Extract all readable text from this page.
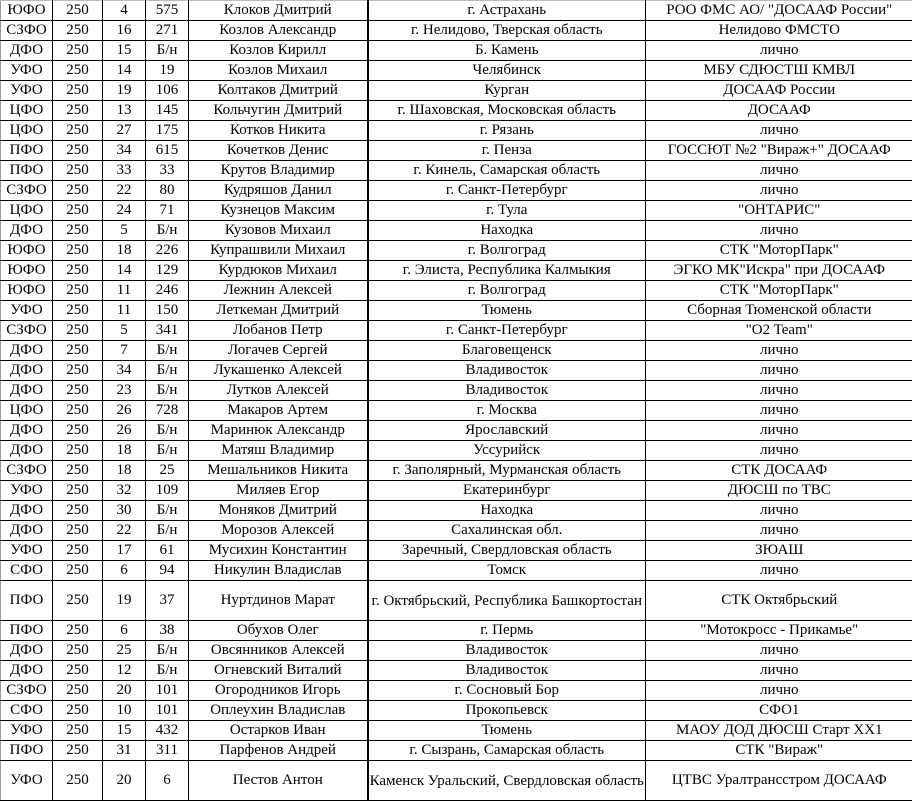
ЮФО	250	4	575	Клоков Дмитрий	г. Астрахань	РОО ФМС АО/ "ДОСААФ России"
СЗФО	250	16	271	Козлов Александр	г. Нелидово, Тверская область	Нелидово ФМСТО
ДФО	250	15	Б/н	Козлов Кирилл	Б. Камень	лично
УФО	250	14	19	Козлов Михаил	Челябинск	МБУ СДЮСТШ КМВЛ
УФО	250	19	106	Колтаков Дмитрий	Курган	ДОСААФ России
ЦФО	250	13	145	Кольчугин Дмитрий	г. Шаховская, Московская область	ДОСААФ
ЦФО	250	27	175	Котков Никита	г. Рязань	лично
ПФО	250	34	615	Кочетков Денис	г. Пенза	ГОССЮТ №2 "Вираж+" ДОСААФ
ПФО	250	33	33	Крутов Владимир	г. Кинель, Самарская область	лично
СЗФО	250	22	80	Кудряшов Данил	г. Санкт-Петербург	лично
ЦФО	250	24	71	Кузнецов Максим	г. Тула	"ОНТАРИС"
ДФО	250	5	Б/н	Кузовов Михаил	Находка	лично
ЮФО	250	18	226	Купрашвили Михаил	г. Волгоград	СТК "МоторПарк"
ЮФО	250	14	129	Курдюков Михаил	г. Элиста, Республика Калмыкия	ЭГКО МК"Искра" при ДОСААФ
ЮФО	250	11	246	Лежнин Алексей	г. Волгоград	СТК "МоторПарк"
УФО	250	11	150	Леткеман Дмитрий	Тюмень	Сборная Тюменской области
СЗФО	250	5	341	Лобанов Петр	г. Санкт-Петербург	"O2 Team"
ДФО	250	7	Б/н	Логачев Сергей	Благовещенск	лично
ДФО	250	34	Б/н	Лукашенко Алексей	Владивосток	лично
ДФО	250	23	Б/н	Лутков Алексей	Владивосток	лично
ЦФО	250	26	728	Макаров Артем	г. Москва	лично
ДФО	250	26	Б/н	Маринюк Александр	Ярославский	лично
ДФО	250	18	Б/н	Матяш Владимир	Уссурийск	лично
СЗФО	250	18	25	Мешальников Никита	г. Заполярный, Мурманская область	СТК ДОСААФ
УФО	250	32	109	Миляев Егор	Екатеринбург	ДЮСШ по ТВС
ДФО	250	30	Б/н	Моняков Дмитрий	Находка	лично
ДФО	250	22	Б/н	Морозов Алексей	Сахалинская обл.	лично
УФО	250	17	61	Мусихин Константин	Заречный, Свердловская область	ЗЮАШ
СФО	250	6	94	Никулин Владислав	Томск	лично
ПФО	250	19	37	Нуртдинов Марат	г. Октябрьский, Республика Башкортостан	СТК Октябрьский
ПФО	250	6	38	Обухов Олег	г. Пермь	"Мотокросс - Прикамье"
ДФО	250	25	Б/н	Овсянников Алексей	Владивосток	лично
ДФО	250	12	Б/н	Огневский Виталий	Владивосток	лично
СЗФО	250	20	101	Огородников Игорь	г. Сосновый Бор	лично
СФО	250	10	101	Оплеухин Владислав	Прокопьевск	СФО1
УФО	250	15	432	Остарков Иван	Тюмень	МАОУ ДОД ДЮСШ Старт XX1
ПФО	250	31	311	Парфенов Андрей	г. Сызрань, Самарская область	СТК "Вираж"
УФО	250	20	6	Пестов Антон	Каменск Уральский, Свердловская область	ЦТВС Уралтрансстром ДОСААФ
